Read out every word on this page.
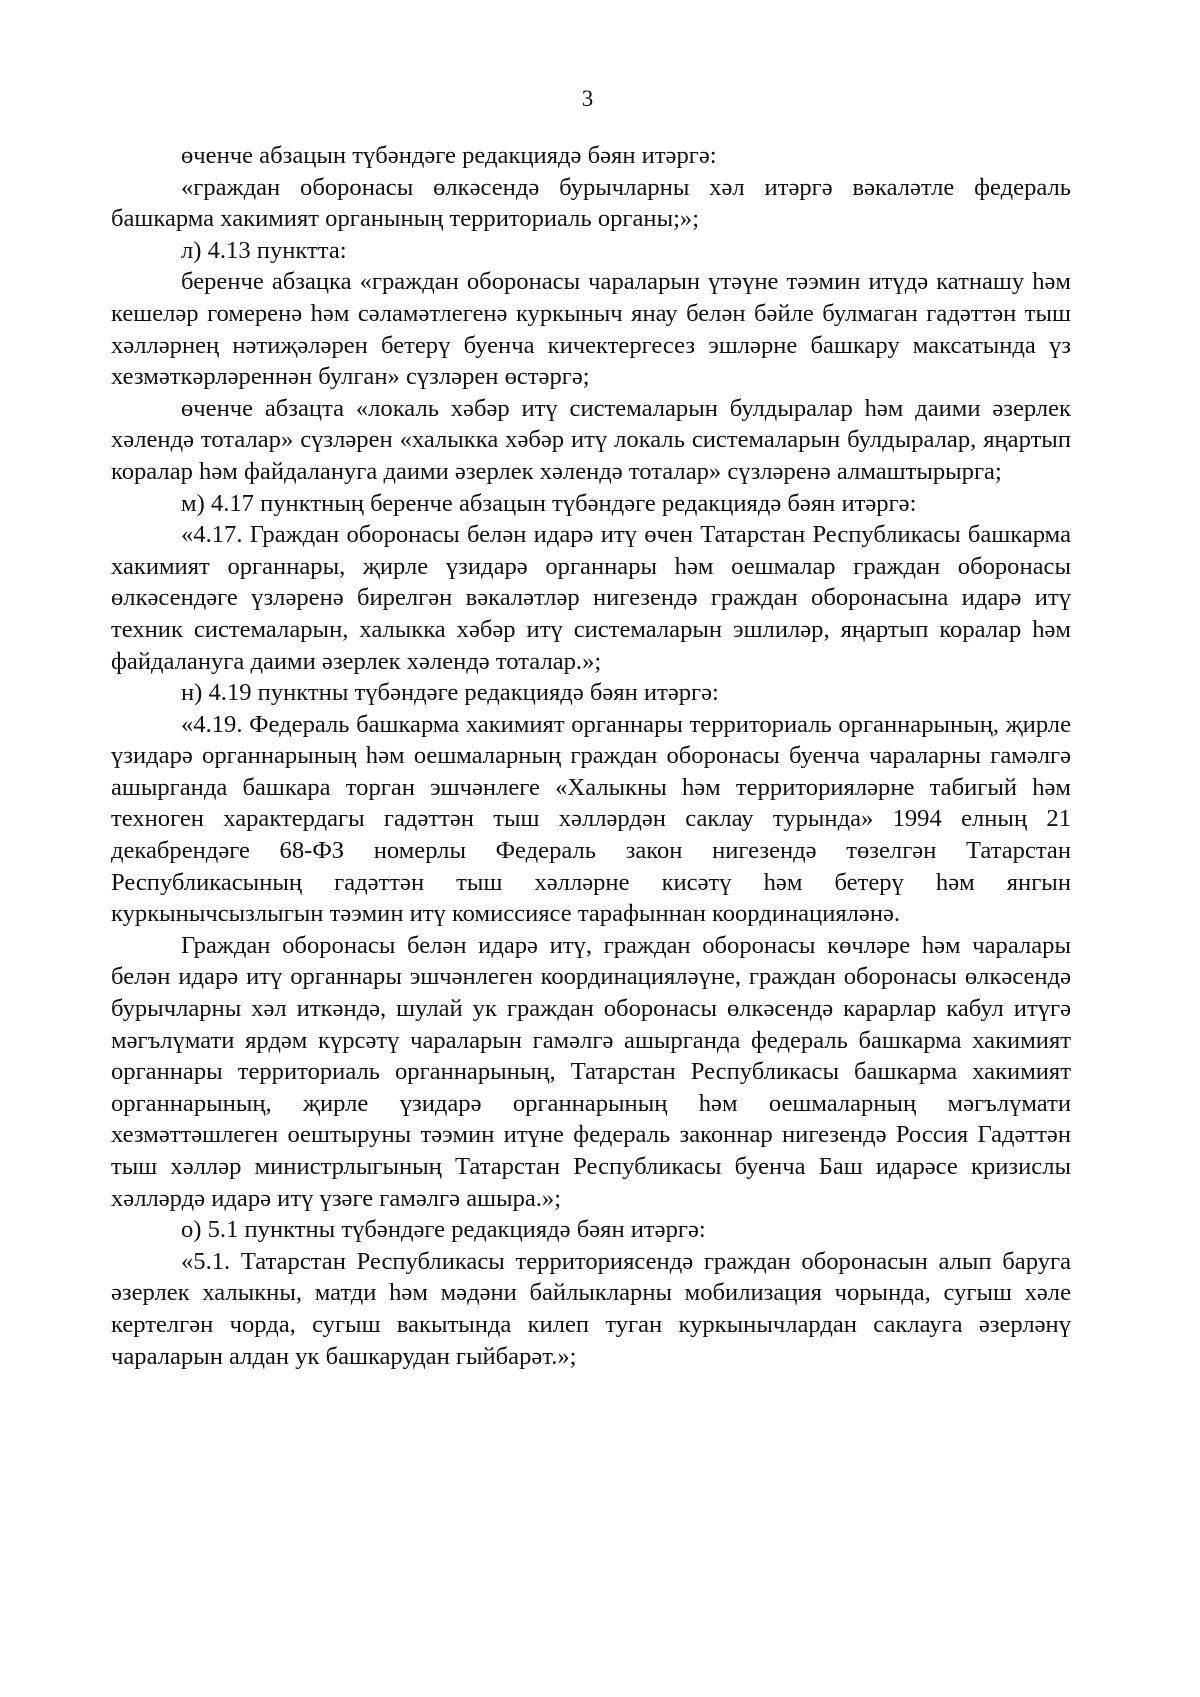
3

өченче абзацын түбәндәге редакциядә бәян итәргә:

«граждан оборонасы өлкәсендә бурычларны хәл итәргә вәкаләтле федераль башкарма хакимият органының территориаль органы;»;

л) 4.13 пунктта:

беренче абзацка «граждан оборонасы чараларын үтәүне тәэмин итүдә катнашу һәм кешеләр гомеренә һәм сәламәтлегенә куркыныч янау белән бәйле булмаган гадәттән тыш хәлләрнең нәтиҗәләрен бетерү буенча кичектергесез эшләрне башкару максатында үз хезмәткәрләреннән булган» сүзләрен өстәргә;

өченче абзацта «локаль хәбәр итү системаларын булдыралар һәм даими әзерлек хәлендә тоталар» сүзләрен «халыкка хәбәр итү локаль системаларын булдыралар, яңартып коралар һәм файдалануга даими әзерлек хәлендә тоталар» сүзләренә алмаштырырга;

м) 4.17 пунктның беренче абзацын түбәндәге редакциядә бәян итәргә:

«4.17. Граждан оборонасы белән идарә итү өчен Татарстан Республикасы башкарма хакимият органнары, җирле үзидарә органнары һәм оешмалар граждан оборонасы өлкәсендәге үзләренә бирелгән вәкаләтләр нигезендә граждан оборонасына идарә итү техник системаларын, халыкка хәбәр итү системаларын эшлиләр, яңартып коралар һәм файдалануга даими әзерлек хәлендә тоталар.»;

н) 4.19 пунктны түбәндәге редакциядә бәян итәргә:

«4.19. Федераль башкарма хакимият органнары территориаль органнарының, җирле үзидарә органнарының һәм оешмаларның граждан оборонасы буенча чараларны гамәлгә ашырганда башкара торган эшчәнлеге «Халыкны һәм территорияләрне табигый һәм техноген характердагы гадәттән тыш хәлләрдән саклау турында» 1994 елның 21 декабрендәге 68-ФЗ номерлы Федераль закон нигезендә төзелгән Татарстан Республикасының гадәттән тыш хәлләрне кисәтү һәм бетерү һәм янгын куркынычсызлыгын тәэмин итү комиссиясе тарафыннан координацияләнә.

Граждан оборонасы белән идарә итү, граждан оборонасы көчләре һәм чаралары белән идарә итү органнары эшчәнлеген координацияләүне, граждан оборонасы өлкәсендә бурычларны хәл иткәндә, шулай ук граждан оборонасы өлкәсендә карарлар кабул итүгә мәгълүмати ярдәм күрсәтү чараларын гамәлгә ашырганда федераль башкарма хакимият органнары территориаль органнарының, Татарстан Республикасы башкарма хакимият органнарының, җирле үзидарә органнарының һәм оешмаларның мәгълүмати хезмәттәшлеген оештыруны тәэмин итүне федераль законнар нигезендә Россия Гадәттән тыш хәлләр министрлыгының Татарстан Республикасы буенча Баш идарәсе кризислы хәлләрдә идарә итү үзәге гамәлгә ашыра.»;

о) 5.1 пунктны түбәндәге редакциядә бәян итәргә:

«5.1. Татарстан Республикасы территориясендә граждан оборонасын алып баруга әзерлек халыкны, матди һәм мәдәни байлыкларны мобилизация чорында, сугыш хәле кертелгән чорда, сугыш вакытында килеп туган куркынычлардан саклауга әзерләнү чараларын алдан ук башкарудан гыйбарәт.»;
